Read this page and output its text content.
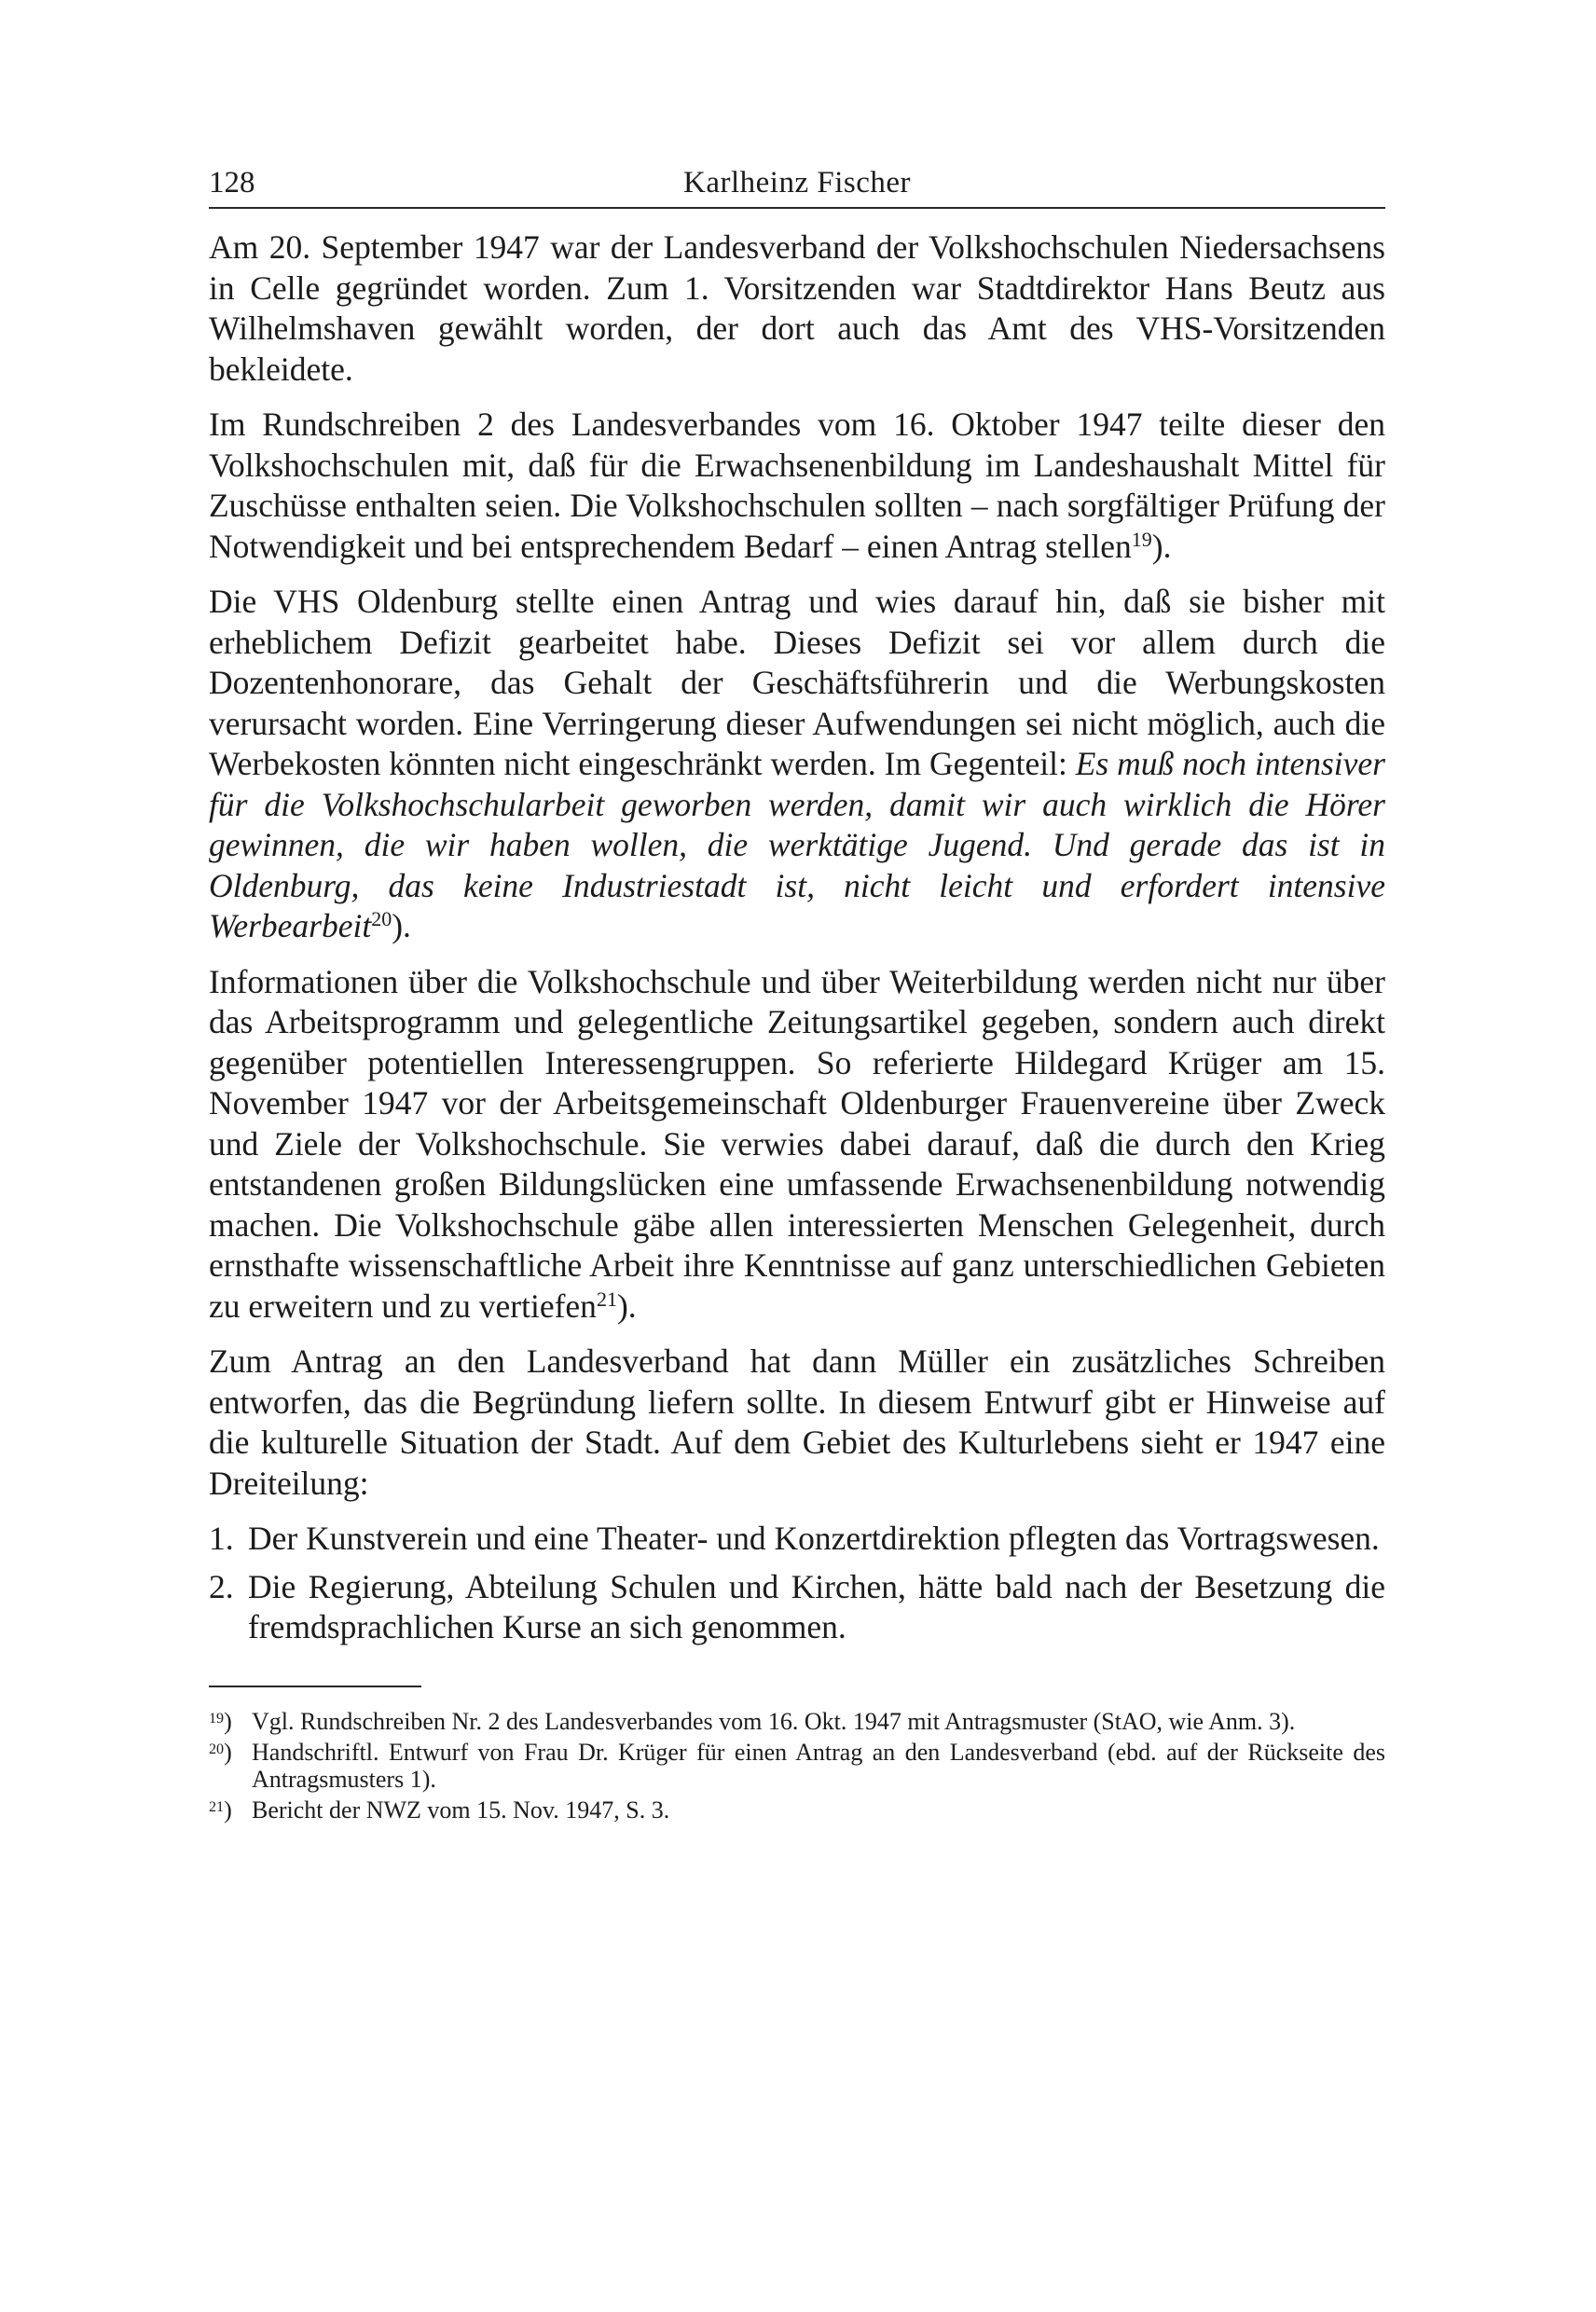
128	Karlheinz Fischer

Am 20. September 1947 war der Landesverband der Volkshochschulen Niedersachsens in Celle gegründet worden. Zum 1. Vorsitzenden war Stadtdirektor Hans Beutz aus Wilhelmshaven gewählt worden, der dort auch das Amt des VHS-Vorsitzenden bekleidete.

Im Rundschreiben 2 des Landesverbandes vom 16. Oktober 1947 teilte dieser den Volkshochschulen mit, daß für die Erwachsenenbildung im Landeshaushalt Mittel für Zuschüsse enthalten seien. Die Volkshochschulen sollten – nach sorgfältiger Prüfung der Notwendigkeit und bei entsprechendem Bedarf – einen Antrag stellen$^{19}$).

Die VHS Oldenburg stellte einen Antrag und wies darauf hin, daß sie bisher mit erheblichem Defizit gearbeitet habe. Dieses Defizit sei vor allem durch die Dozentenhonorare, das Gehalt der Geschäftsführerin und die Werbungskosten verursacht worden. Eine Verringerung dieser Aufwendungen sei nicht möglich, auch die Werbekosten könnten nicht eingeschränkt werden. Im Gegenteil: Es muß noch intensiver für die Volkshochschularbeit geworben werden, damit wir auch wirklich die Hörer gewinnen, die wir haben wollen, die werktätige Jugend. Und gerade das ist in Oldenburg, das keine Industriestadt ist, nicht leicht und erfordert intensive Werbearbeit$^{20}$).

Informationen über die Volkshochschule und über Weiterbildung werden nicht nur über das Arbeitsprogramm und gelegentliche Zeitungsartikel gegeben, sondern auch direkt gegenüber potentiellen Interessengruppen. So referierte Hildegard Krüger am 15. November 1947 vor der Arbeitsgemeinschaft Oldenburger Frauenvereine über Zweck und Ziele der Volkshochschule. Sie verwies dabei darauf, daß die durch den Krieg entstandenen großen Bildungslücken eine umfassende Erwachsenenbildung notwendig machen. Die Volkshochschule gäbe allen interessierten Menschen Gelegenheit, durch ernsthafte wissenschaftliche Arbeit ihre Kenntnisse auf ganz unterschiedlichen Gebieten zu erweitern und zu vertiefen$^{21}$).

Zum Antrag an den Landesverband hat dann Müller ein zusätzliches Schreiben entworfen, das die Begründung liefern sollte. In diesem Entwurf gibt er Hinweise auf die kulturelle Situation der Stadt. Auf dem Gebiet des Kulturlebens sieht er 1947 eine Dreiteilung:

1. Der Kunstverein und eine Theater- und Konzertdirektion pflegten das Vortragswesen.
2. Die Regierung, Abteilung Schulen und Kirchen, hätte bald nach der Besetzung die fremdsprachlichen Kurse an sich genommen.
$^{19}$) Vgl. Rundschreiben Nr. 2 des Landesverbandes vom 16. Okt. 1947 mit Antragsmuster (StAO, wie Anm. 3).
$^{20}$) Handschriftl. Entwurf von Frau Dr. Krüger für einen Antrag an den Landesverband (ebd. auf der Rückseite des Antragsmusters 1).
$^{21}$) Bericht der NWZ vom 15. Nov. 1947, S. 3.
